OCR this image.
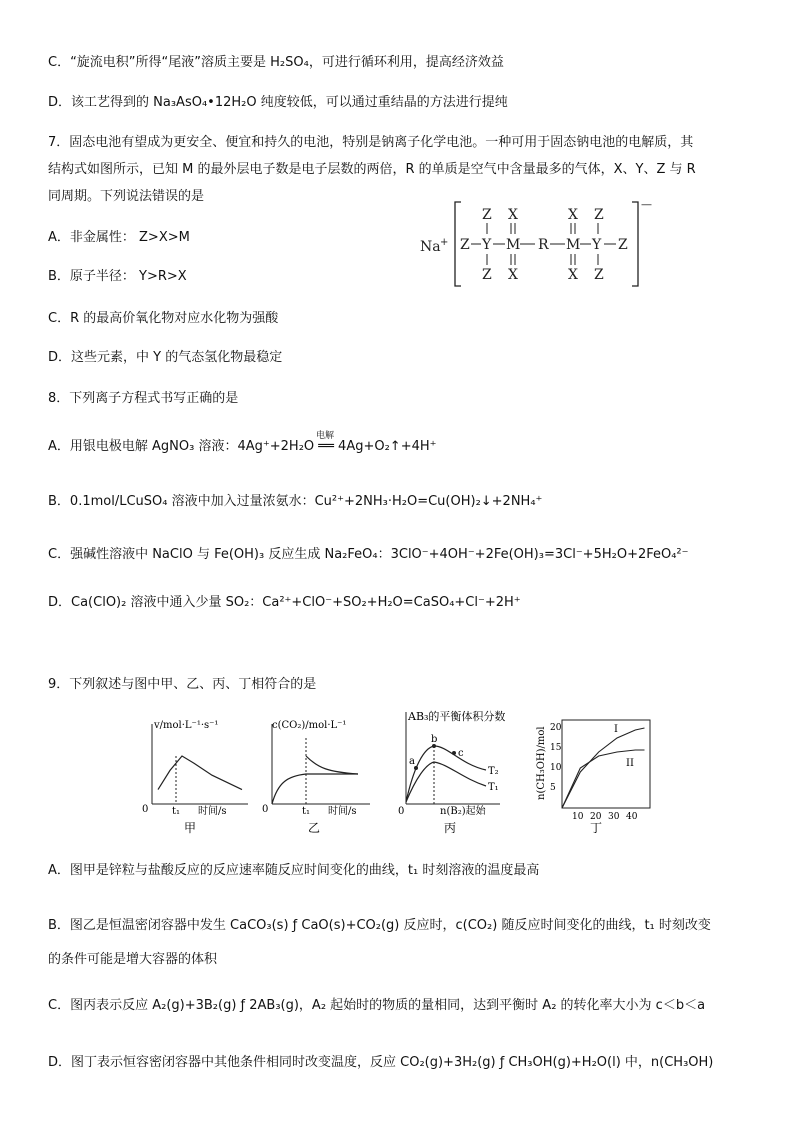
C．“旋流电积”所得“尾液”溶质主要是 H₂SO₄，可进行循环利用，提高经济效益
D．该工艺得到的 Na₃AsO₄•12H₂O 纯度较低，可以通过重结晶的方法进行提纯
7．固态电池有望成为更安全、便宜和持久的电池，特别是钠离子化学电池。一种可用于固态钠电池的电解质，其
结构式如图所示，已知 M 的最外层电子数是电子层数的两倍，R 的单质是空气中含量最多的气体，X、Y、Z 与 R
同周期。下列说法错误的是
A．非金属性： Z>X>M
B．原子半径： Y>R>X
C．R 的最高价氧化物对应水化物为强酸
D．这些元素，中 Y 的气态氢化物最稳定
Na +
—
Z Y
Z
Z
M
X
X
R M
X
X
Y
Z
Z
Z
8．下列离子方程式书写正确的是
A．用银电极电解 AgNO₃ 溶液：4Ag⁺+2H₂O ══ 4Ag+O₂↑+4H⁺
电解
B．0.1mol/LCuSO₄ 溶液中加入过量浓氨水：Cu²⁺+2NH₃·H₂O=Cu(OH)₂↓+2NH₄⁺
C．强碱性溶液中 NaClO 与 Fe(OH)₃ 反应生成 Na₂FeO₄：3ClO⁻+4OH⁻+2Fe(OH)₃=3Cl⁻+5H₂O+2FeO₄²⁻
D．Ca(ClO)₂ 溶液中通入少量 SO₂：Ca²⁺+ClO⁻+SO₂+H₂O=CaSO₄+Cl⁻+2H⁺
9．下列叙述与图中甲、乙、丙、丁相符合的是
v/mol·L⁻¹·s⁻¹
0 t₁ 时间/s
甲
c(CO₂)/mol·L⁻¹
0	t₁ 时间/s
乙
AB₃的平衡体积分数
0	n(B₂)起始
a
b
c
T₂
T₁
丙
n(CH₃OH)/mol 5
10
15
20
10 20 30 40
I
II
丁
A．图甲是锌粒与盐酸反应的反应速率随反应时间变化的曲线，t₁ 时刻溶液的温度最高
B．图乙是恒温密闭容器中发生 CaCO₃(s) ƒ CaO(s)+CO₂(g) 反应时，c(CO₂) 随反应时间变化的曲线，t₁ 时刻改变
的条件可能是增大容器的体积
C．图丙表示反应 A₂(g)+3B₂(g) ƒ 2AB₃(g)，A₂ 起始时的物质的量相同，达到平衡时 A₂ 的转化率大小为 c＜b＜a
D．图丁表示恒容密闭容器中其他条件相同时改变温度，反应 CO₂(g)+3H₂(g) ƒ CH₃OH(g)+H₂O(l) 中，n(CH₃OH)
